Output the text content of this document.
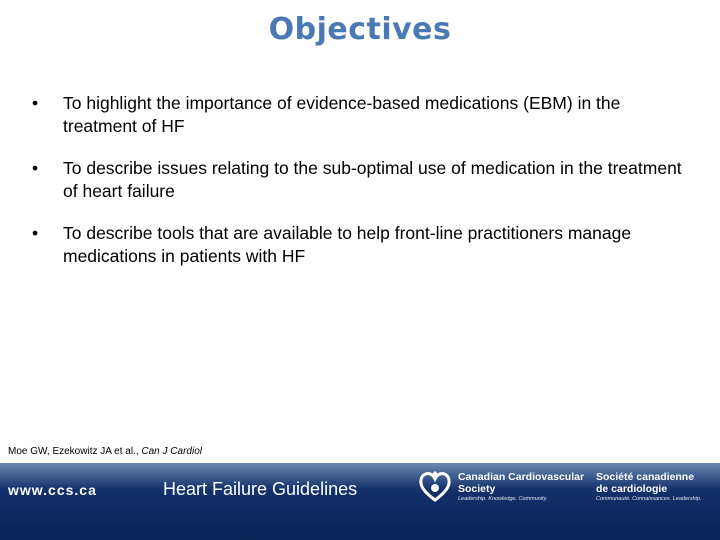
Objectives
• To highlight the importance of evidence-based medications (EBM) in the treatment of HF
• To describe issues relating to the sub-optimal use of medication in the treatment of heart failure
• To describe tools that are available to help front-line practitioners manage medications in patients with HF
Moe GW, Ezekowitz JA et al., Can J Cardiol
www.ccs.ca	Heart Failure Guidelines
Canadian Cardiovascular
Society
Leadership. Knowledge. Community.
Société canadienne
de cardiologie
Communauté. Connaissances. Leadership.
